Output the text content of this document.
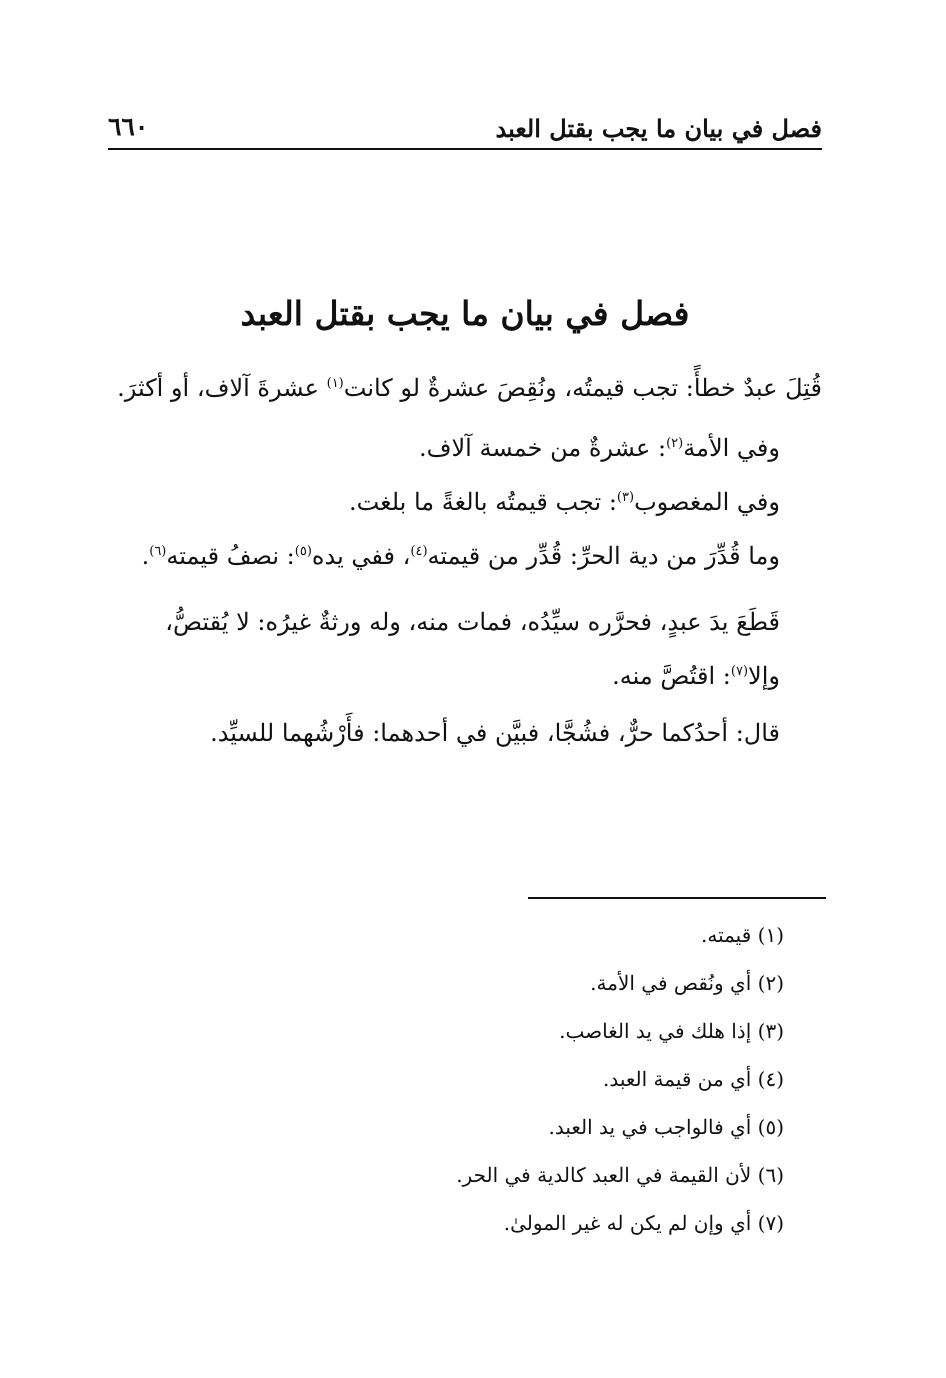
فصل في بيان ما يجب بقتل العبد
٦٦٠
فصل في بيان ما يجب بقتل العبد

قُتِلَ عبدٌ خطأً: تجب قيمتُه، ونُقِصَ عشرةٌ لو كانت$^{(١)}$ عشرةَ آلاف، أو أكثرَ.

وفي الأمة$^{(٢)}$: عشرةٌ من خمسة آلاف.

وفي المغصوب$^{(٣)}$: تجب قيمتُه بالغةً ما بلغت.

وما قُدِّرَ من دية الحرِّ: قُدِّر من قيمته$^{(٤)}$، ففي يده$^{(٥)}$: نصفُ قيمته$^{(٦)}$.

قَطَعَ يدَ عبدٍ، فحرَّره سيِّدُه، فمات منه، وله ورثةٌ غيرُه: لا يُقتصُّ، وإلا$^{(٧)}$: اقتُصَّ منه.

قال: أحدُكما حرٌّ، فشُجَّا، فبيَّن في أحدهما: فأَرْشُهما للسيِّد.

(١) قيمته.
(٢) أي ونُقص في الأمة.
(٣) إذا هلك في يد الغاصب.
(٤) أي من قيمة العبد.
(٥) أي فالواجب في يد العبد.
(٦) لأن القيمة في العبد كالدية في الحر.
(٧) أي وإن لم يكن له غير المولىٰ.
